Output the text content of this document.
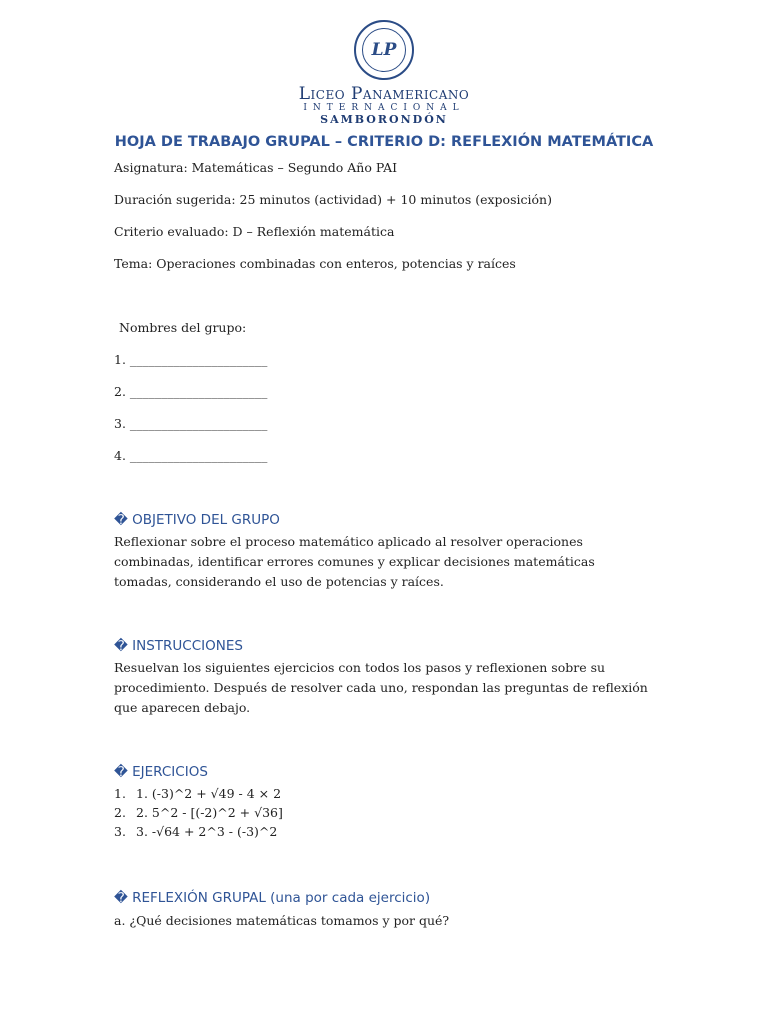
LP
Liceo Panamericano
INTERNACIONAL
SAMBORONDÓN
HOJA DE TRABAJO GRUPAL – CRITERIO D: REFLEXIÓN MATEMÁTICA
Asignatura: Matemáticas – Segundo Año PAI
Duración sugerida: 25 minutos (actividad) + 10 minutos (exposición)
Criterio evaluado: D – Reflexión matemática
Tema: Operaciones combinadas con enteros, potencias y raíces
Nombres del grupo:
1. ______________________
2. ______________________
3. ______________________
4. ______________________
� OBJETIVO DEL GRUPO
Reflexionar sobre el proceso matemático aplicado al resolver operaciones combinadas, identificar errores comunes y explicar decisiones matemáticas tomadas, considerando el uso de potencias y raíces.
� INSTRUCCIONES
Resuelvan los siguientes ejercicios con todos los pasos y reflexionen sobre su procedimiento. Después de resolver cada uno, respondan las preguntas de reflexión que aparecen debajo.
� EJERCICIOS
1. 1. (-3)^2 + √49 - 4 × 2
2. 2. 5^2 - [(-2)^2 + √36]
3. 3. -√64 + 2^3 - (-3)^2
� REFLEXIÓN GRUPAL (una por cada ejercicio)
a. ¿Qué decisiones matemáticas tomamos y por qué?
